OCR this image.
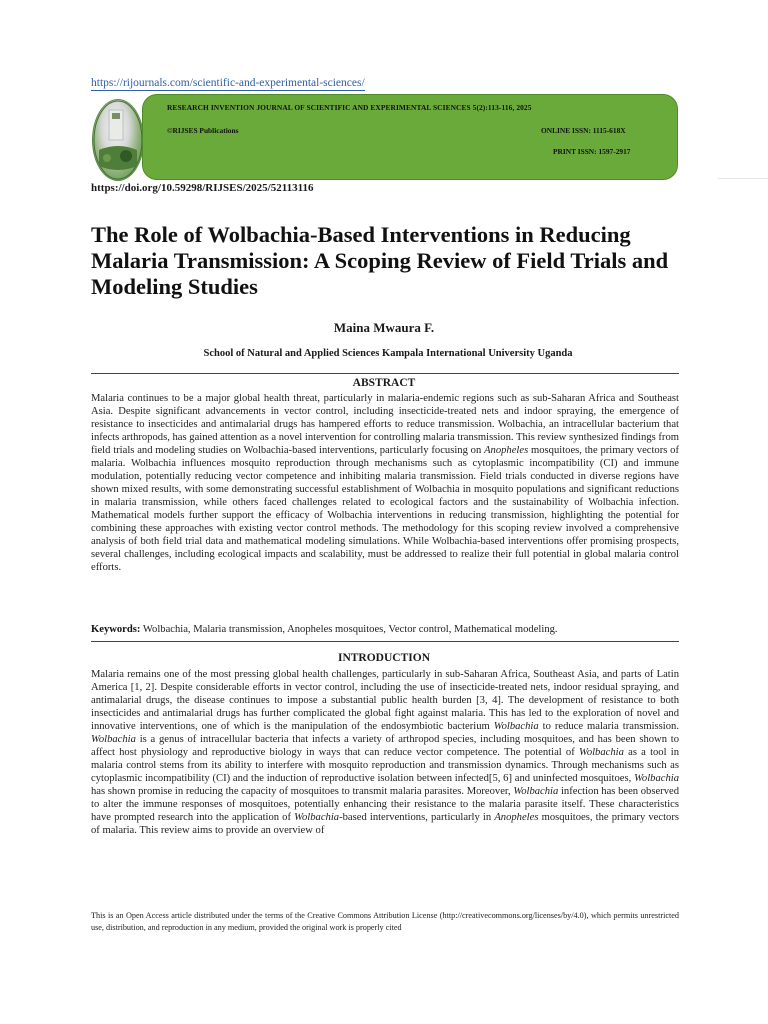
https://rijournals.com/scientific-and-experimental-sciences/
RESEARCH INVENTION JOURNAL OF SCIENTIFIC AND EXPERIMENTAL SCIENCES 5(2):113-116, 2025
©RIJSES Publications	ONLINE ISSN: 1115-618X
PRINT ISSN: 1597-2917
https://doi.org/10.59298/RIJSES/2025/52113116
The Role of Wolbachia-Based Interventions in Reducing Malaria Transmission: A Scoping Review of Field Trials and Modeling Studies
Maina Mwaura F.
School of Natural and Applied Sciences Kampala International University Uganda
ABSTRACT

Malaria continues to be a major global health threat, particularly in malaria-endemic regions such as sub-Saharan Africa and Southeast Asia. Despite significant advancements in vector control, including insecticide-treated nets and indoor spraying, the emergence of resistance to insecticides and antimalarial drugs has hampered efforts to reduce transmission. Wolbachia, an intracellular bacterium that infects arthropods, has gained attention as a novel intervention for controlling malaria transmission. This review synthesized findings from field trials and modeling studies on Wolbachia-based interventions, particularly focusing on Anopheles mosquitoes, the primary vectors of malaria. Wolbachia influences mosquito reproduction through mechanisms such as cytoplasmic incompatibility (CI) and immune modulation, potentially reducing vector competence and inhibiting malaria transmission. Field trials conducted in diverse regions have shown mixed results, with some demonstrating successful establishment of Wolbachia in mosquito populations and significant reductions in malaria transmission, while others faced challenges related to ecological factors and the sustainability of Wolbachia infection. Mathematical models further support the efficacy of Wolbachia interventions in reducing transmission, highlighting the potential for combining these approaches with existing vector control methods. The methodology for this scoping review involved a comprehensive analysis of both field trial data and mathematical modeling simulations. While Wolbachia-based interventions offer promising prospects, several challenges, including ecological impacts and scalability, must be addressed to realize their full potential in global malaria control efforts.

Keywords: Wolbachia, Malaria transmission, Anopheles mosquitoes, Vector control, Mathematical modeling.
INTRODUCTION

Malaria remains one of the most pressing global health challenges, particularly in sub-Saharan Africa, Southeast Asia, and parts of Latin America [1, 2]. Despite considerable efforts in vector control, including the use of insecticide-treated nets, indoor residual spraying, and antimalarial drugs, the disease continues to impose a substantial public health burden [3, 4]. The development of resistance to both insecticides and antimalarial drugs has further complicated the global fight against malaria. This has led to the exploration of novel and innovative interventions, one of which is the manipulation of the endosymbiotic bacterium Wolbachia to reduce malaria transmission. Wolbachia is a genus of intracellular bacteria that infects a variety of arthropod species, including mosquitoes, and has been shown to affect host physiology and reproductive biology in ways that can reduce vector competence. The potential of Wolbachia as a tool in malaria control stems from its ability to interfere with mosquito reproduction and transmission dynamics. Through mechanisms such as cytoplasmic incompatibility (CI) and the induction of reproductive isolation between infected[5, 6] and uninfected mosquitoes, Wolbachia has shown promise in reducing the capacity of mosquitoes to transmit malaria parasites. Moreover, Wolbachia infection has been observed to alter the immune responses of mosquitoes, potentially enhancing their resistance to the malaria parasite itself. These characteristics have prompted research into the application of Wolbachia-based interventions, particularly in Anopheles mosquitoes, the primary vectors of malaria. This review aims to provide an overview of

This is an Open Access article distributed under the terms of the Creative Commons Attribution License (http://creativecommons.org/licenses/by/4.0), which permits unrestricted use, distribution, and reproduction in any medium, provided the original work is properly cited
